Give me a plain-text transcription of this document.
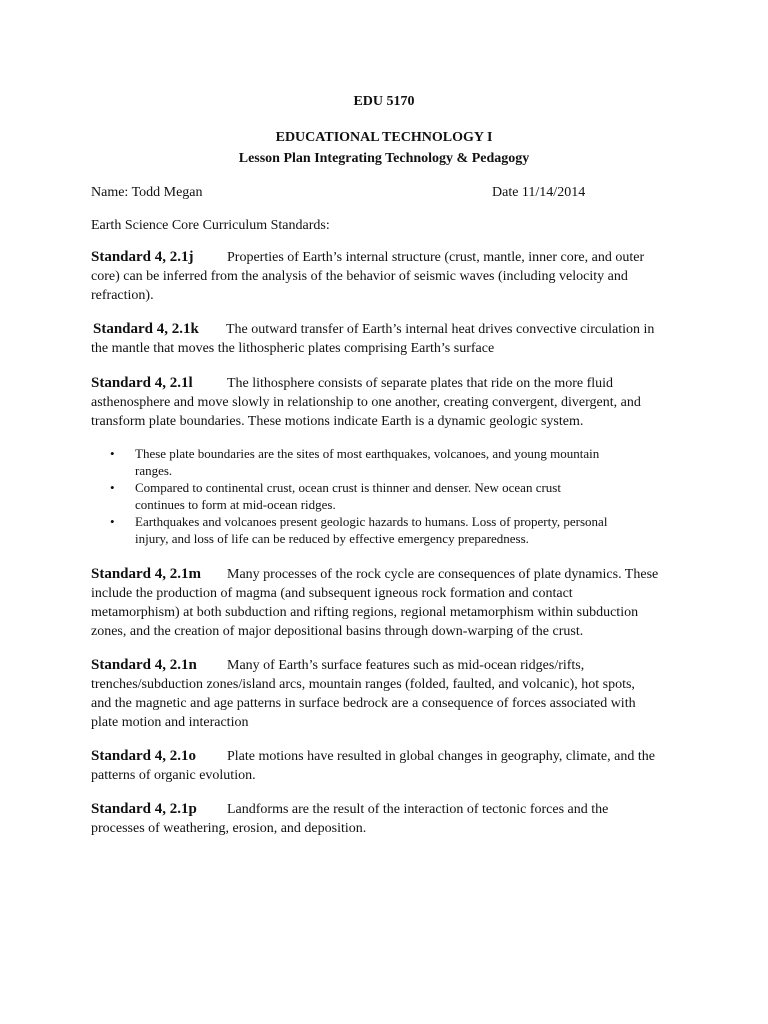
EDU 5170
EDUCATIONAL TECHNOLOGY I
Lesson Plan Integrating Technology & Pedagogy
Name: Todd Megan	Date 11/14/2014
Earth Science Core Curriculum Standards:
Standard 4, 2.1j Properties of Earth’s internal structure (crust, mantle, inner core, and outer
core) can be inferred from the analysis of the behavior of seismic waves (including velocity and
refraction).
Standard 4, 2.1k The outward transfer of Earth’s internal heat drives convective circulation in
the mantle that moves the lithospheric plates comprising Earth’s surface
Standard 4, 2.1l The lithosphere consists of separate plates that ride on the more fluid
asthenosphere and move slowly in relationship to one another, creating convergent, divergent, and
transform plate boundaries. These motions indicate Earth is a dynamic geologic system.
• These plate boundaries are the sites of most earthquakes, volcanoes, and young mountain
ranges.
• Compared to continental crust, ocean crust is thinner and denser. New ocean crust
continues to form at mid-ocean ridges.
• Earthquakes and volcanoes present geologic hazards to humans. Loss of property, personal
injury, and loss of life can be reduced by effective emergency preparedness.
Standard 4, 2.1m Many processes of the rock cycle are consequences of plate dynamics. These
include the production of magma (and subsequent igneous rock formation and contact
metamorphism) at both subduction and rifting regions, regional metamorphism within subduction
zones, and the creation of major depositional basins through down-warping of the crust.
Standard 4, 2.1n Many of Earth’s surface features such as mid-ocean ridges/rifts,
trenches/subduction zones/island arcs, mountain ranges (folded, faulted, and volcanic), hot spots,
and the magnetic and age patterns in surface bedrock are a consequence of forces associated with
plate motion and interaction
Standard 4, 2.1o Plate motions have resulted in global changes in geography, climate, and the
patterns of organic evolution.
Standard 4, 2.1p Landforms are the result of the interaction of tectonic forces and the
processes of weathering, erosion, and deposition.
